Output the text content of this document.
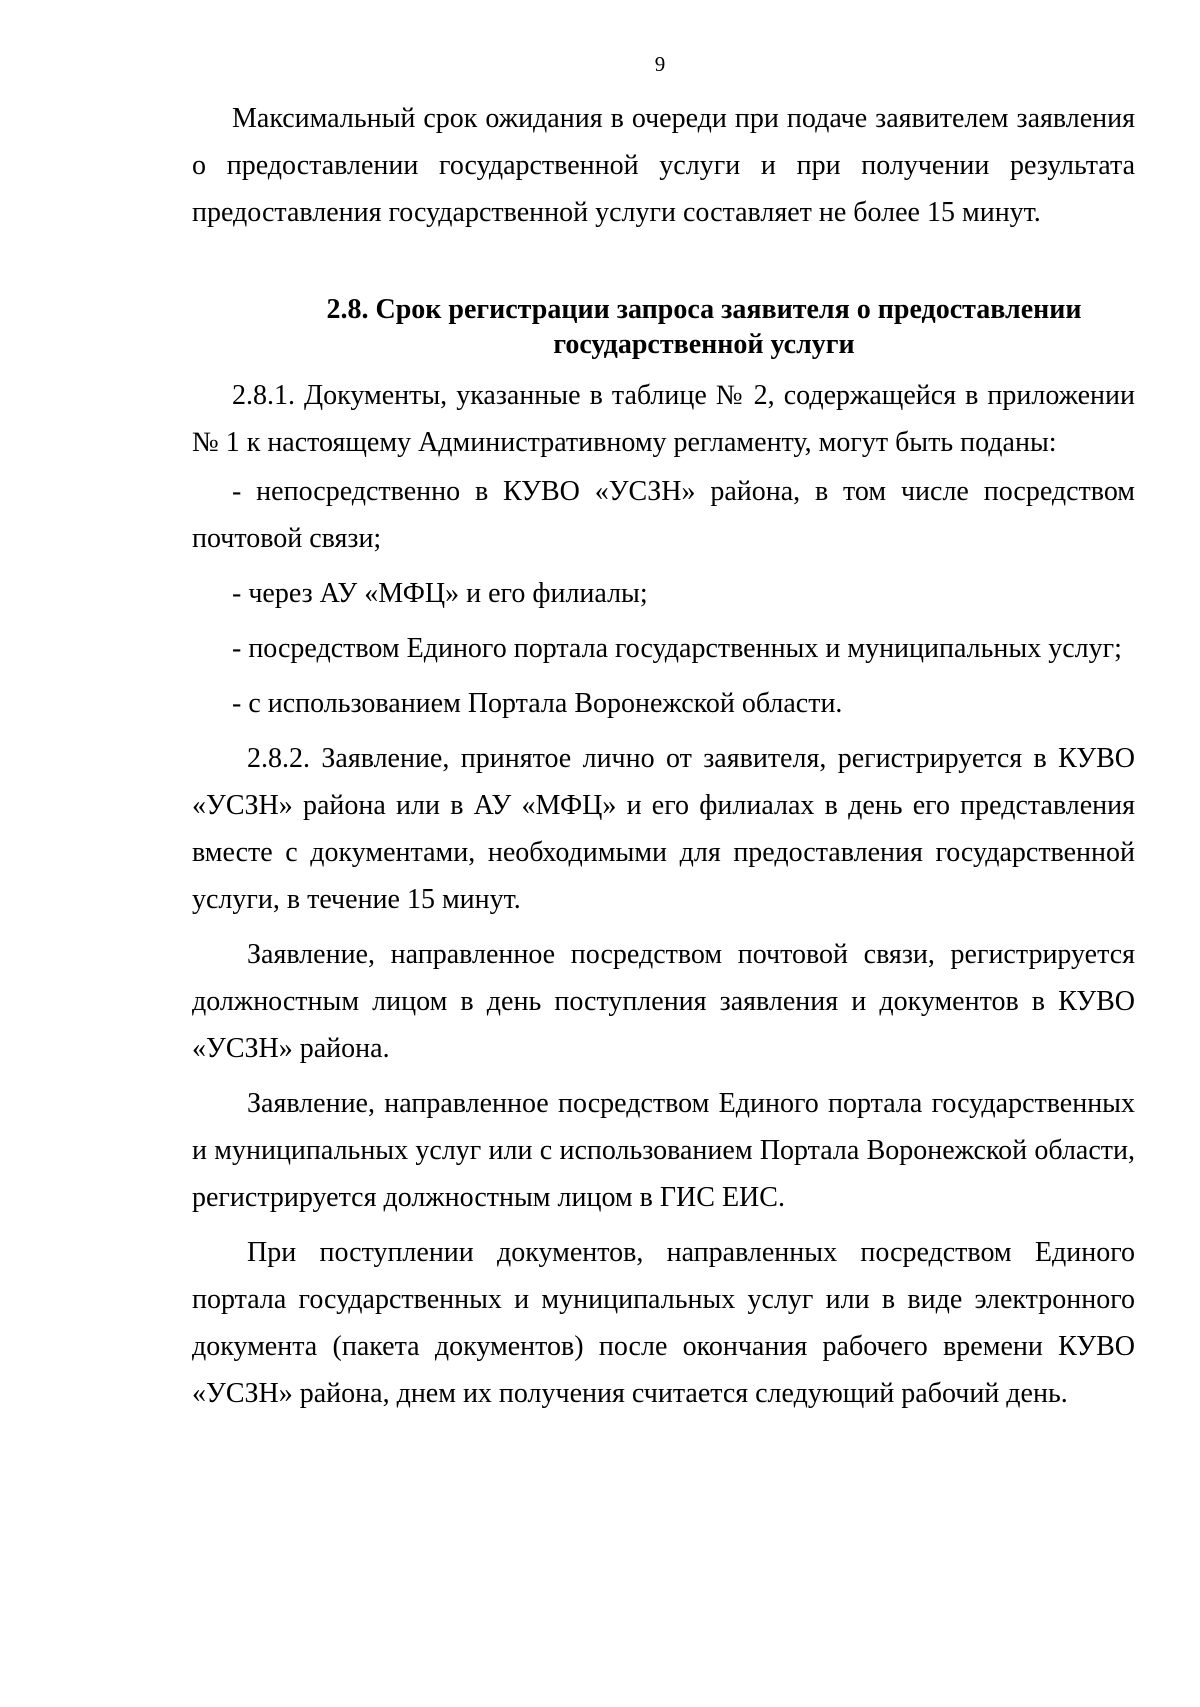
9

Максимальный срок ожидания в очереди при подаче заявителем заявления о предоставлении государственной услуги и при получении результата предоставления государственной услуги составляет не более 15 минут.

2.8. Срок регистрации запроса заявителя о предоставлении
государственной услуги

2.8.1. Документы, указанные в таблице № 2, содержащейся в приложении № 1 к настоящему Административному регламенту, могут быть поданы:

- непосредственно в КУВО «УСЗН» района, в том числе посредством почтовой связи;

- через АУ «МФЦ» и его филиалы;

- посредством Единого портала государственных и муниципальных услуг;

- с использованием Портала Воронежской области.

2.8.2. Заявление, принятое лично от заявителя, регистрируется в КУВО «УСЗН» района или в АУ «МФЦ» и его филиалах в день его представления вместе с документами, необходимыми для предоставления государственной услуги, в течение 15 минут.

Заявление, направленное посредством почтовой связи, регистрируется должностным лицом в день поступления заявления и документов в КУВО «УСЗН» района.

Заявление, направленное посредством Единого портала государственных и муниципальных услуг или с использованием Портала Воронежской области, регистрируется должностным лицом в ГИС ЕИС.

При поступлении документов, направленных посредством Единого портала государственных и муниципальных услуг или в виде электронного документа (пакета документов) после окончания рабочего времени КУВО «УСЗН» района, днем их получения считается следующий рабочий день.
